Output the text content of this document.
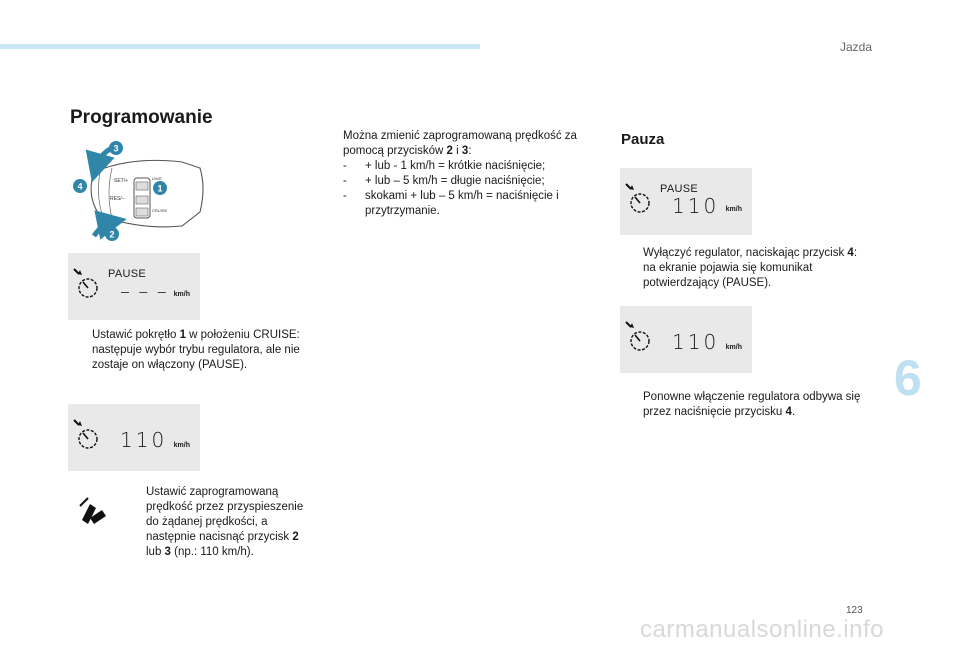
Jazda
Programowanie
SET/+
RES/–
LIMIT
CRUISE
3
4	1
2
PAUSE
– – – km/h
Ustawić pokrętło 1 w położeniu CRUISE: następuje wybór trybu regulatora, ale nie zostaje on włączony (PAUSE).
110 km/h
Ustawić zaprogramowaną prędkość przez przyspieszenie do żądanej prędkości, a następnie nacisnąć przycisk 2 lub 3 (np.: 110 km/h).
Można zmienić zaprogramowaną prędkość za pomocą przycisków 2 i 3:
- + lub - 1 km/h = krótkie naciśnięcie;
- + lub – 5 km/h = długie naciśnięcie;
- skokami + lub – 5 km/h = naciśnięcie i przytrzymanie.
Pauza
PAUSE
110 km/h
Wyłączyć regulator, naciskając przycisk 4: na ekranie pojawia się komunikat potwierdzający (PAUSE).
110 km/h
Ponowne włączenie regulatora odbywa się przez naciśnięcie przycisku 4.
6
123
carmanualsonline.info
